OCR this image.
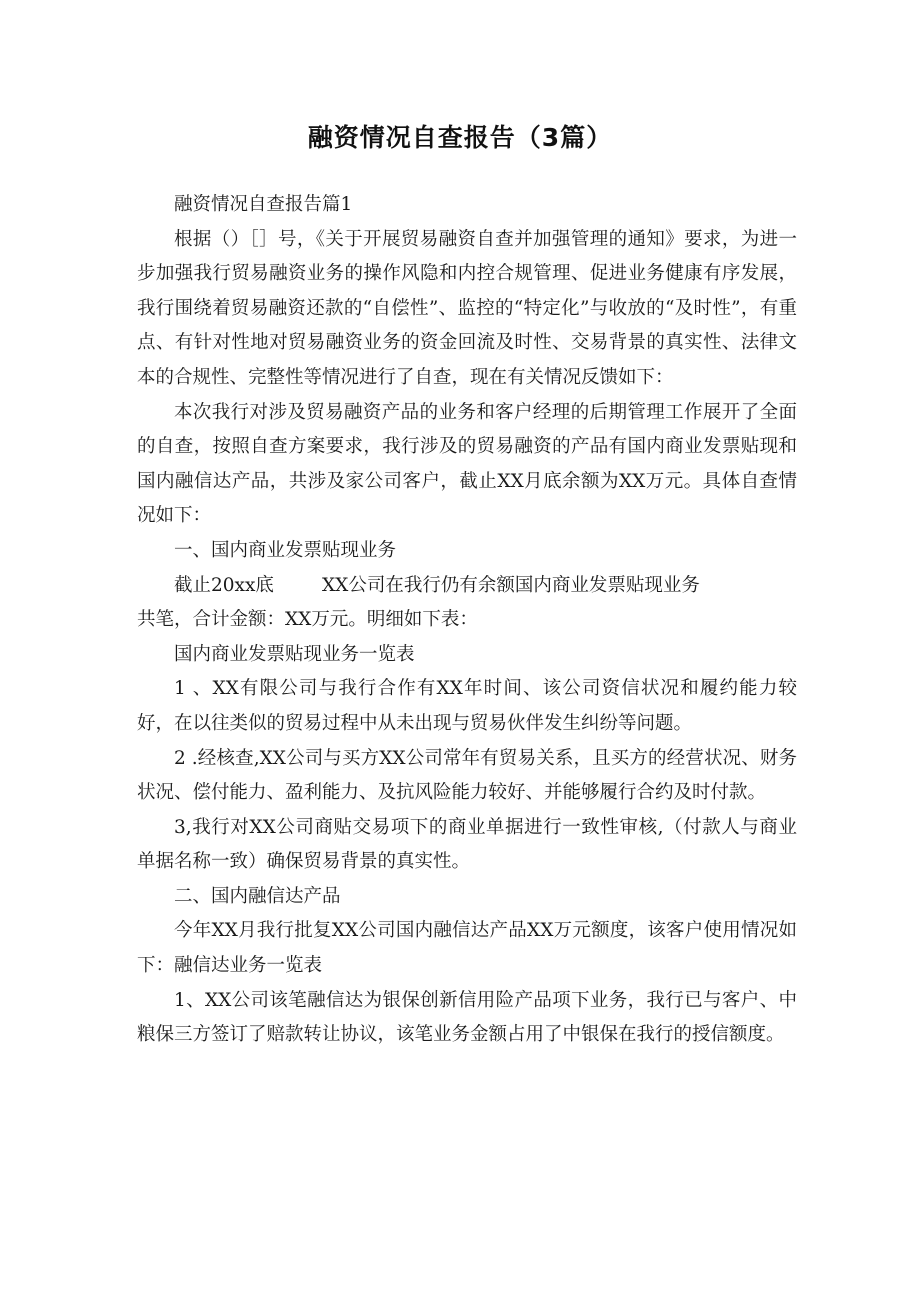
融资情况自查报告（3篇）

融资情况自查报告篇1

根据（）［］号，《关于开展贸易融资自查并加强管理的通知》要求，为进一步加强我行贸易融资业务的操作风隐和内控合规管理、促进业务健康有序发展，我行围绕着贸易融资还款的“自偿性”、监控的“特定化”与收放的“及时性”，有重点、有针对性地对贸易融资业务的资金回流及时性、交易背景的真实性、法律文本的合规性、完整性等情况进行了自查，现在有关情况反馈如下：

本次我行对涉及贸易融资产品的业务和客户经理的后期管理工作展开了全面的自查，按照自查方案要求，我行涉及的贸易融资的产品有国内商业发票贴现和国内融信达产品，共涉及家公司客户，截止XX月底余额为XX万元。具体自查情况如下：

一、国内商业发票贴现业务

截止20xx底	XX公司在我行仍有余额国内商业发票贴现业务

共笔，合计金额：XX万元。明细如下表：

国内商业发票贴现业务一览表

1 、XX有限公司与我行合作有XX年时间、该公司资信状况和履约能力较好，在以往类似的贸易过程中从未出现与贸易伙伴发生纠纷等问题。

2 .经核查,XX公司与买方XX公司常年有贸易关系，且买方的经营状况、财务状况、偿付能力、盈利能力、及抗风险能力较好、并能够履行合约及时付款。

3,我行对XX公司商贴交易项下的商业单据进行一致性审核,（付款人与商业单据名称一致）确保贸易背景的真实性。

二、国内融信达产品

今年XX月我行批复XX公司国内融信达产品XX万元额度，该客户使用情况如下：融信达业务一览表

1、XX公司该笔融信达为银保创新信用险产品项下业务，我行已与客户、中粮保三方签订了赔款转让协议，该笔业务金额占用了中银保在我行的授信额度。
